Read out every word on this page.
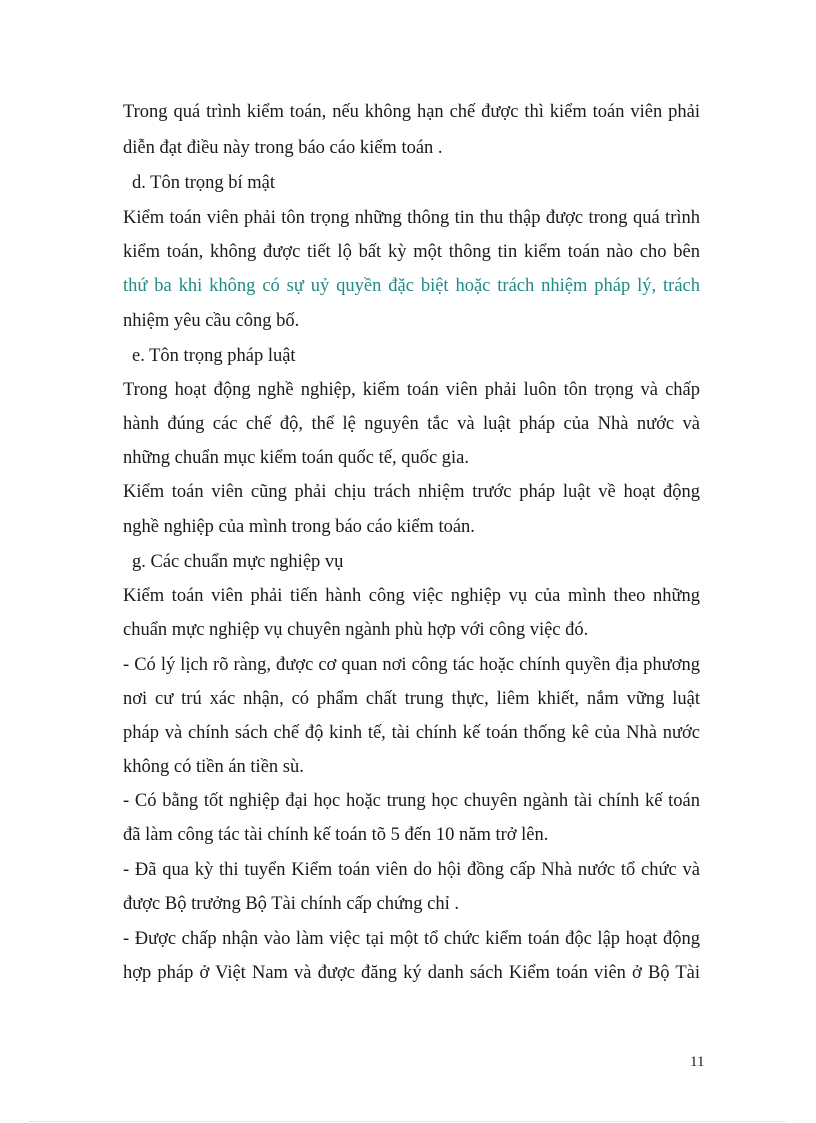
Trong quá trình kiểm toán, nếu không hạn chế được thì kiểm toán viên phải
diễn đạt điều này trong báo cáo kiểm toán .
d. Tôn trọng bí mật
Kiểm toán viên phải tôn trọng những thông tin thu thập được trong quá trình
kiểm toán, không được tiết lộ bất kỳ một thông tin kiểm toán nào cho bên
thứ ba khi không có sự uỷ quyền đặc biệt hoặc trách nhiệm pháp lý, trách
nhiệm yêu cầu công bố.
e. Tôn trọng pháp luật
Trong hoạt động nghề nghiệp, kiểm toán viên phải luôn tôn trọng và chấp
hành đúng các chế độ, thể lệ nguyên tắc và luật pháp của Nhà nước và
những chuẩn mục kiểm toán quốc tế, quốc gia.
Kiểm toán viên cũng phải chịu trách nhiệm trước pháp luật về hoạt động
nghề nghiệp của mình trong báo cáo kiểm toán.
g. Các chuẩn mực nghiệp vụ
Kiểm toán viên phải tiến hành công việc nghiệp vụ của mình theo những
chuẩn mực nghiệp vụ chuyên ngành phù hợp với công việc đó.
- Có lý lịch rõ ràng, được cơ quan nơi công tác hoặc chính quyền địa phương
nơi cư trú xác nhận, có phẩm chất trung thực, liêm khiết, nắm vững luật
pháp và chính sách chế độ kinh tế, tài chính kế toán thống kê của Nhà nước
không có tiền án tiền sù.
- Có bằng tốt nghiệp đại học hoặc trung học chuyên ngành tài chính kế toán
đã làm công tác tài chính kế toán tõ 5 đến 10 năm trở lên.
- Đã qua kỳ thi tuyển Kiểm toán viên do hội đồng cấp Nhà nước tổ chức và
được Bộ trưởng Bộ Tài chính cấp chứng chỉ .
- Được chấp nhận vào làm việc tại một tổ chức kiểm toán độc lập hoạt động
hợp pháp ở Việt Nam và được đăng ký danh sách Kiểm toán viên ở Bộ Tài
11
